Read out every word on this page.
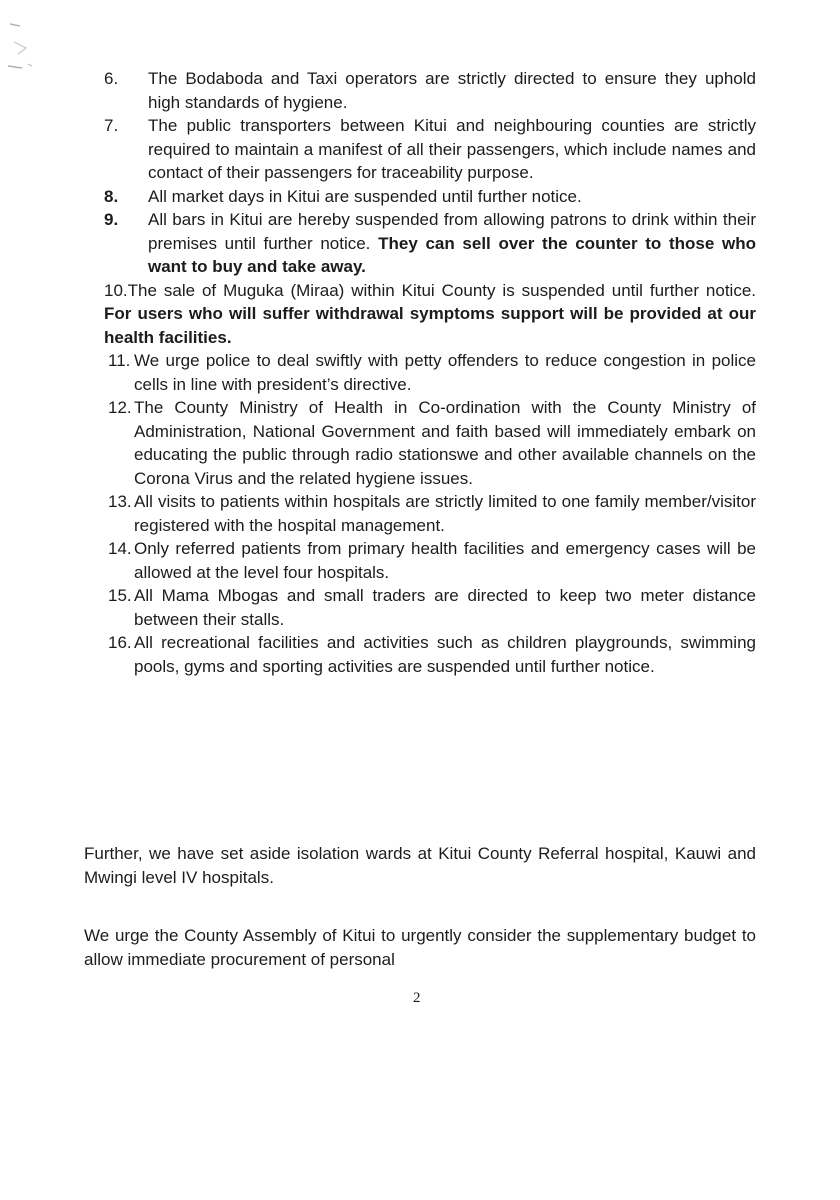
6.	The Bodaboda and Taxi operators are strictly directed to ensure they uphold high standards of hygiene.
7.	The public transporters between Kitui and neighbouring counties are strictly required to maintain a manifest of all their passengers, which include names and contact of their passengers for traceability purpose.
8.	All market days in Kitui are suspended until further notice.
9.	All bars in Kitui are hereby suspended from allowing patrons to drink within their premises until further notice. They can sell over the counter to those who want to buy and take away.
10.The sale of Muguka (Miraa) within Kitui County is suspended until further notice. For users who will suffer withdrawal symptoms support will be provided at our health facilities.
11. We urge police to deal swiftly with petty offenders to reduce congestion in police cells in line with president’s directive.
12. The County Ministry of Health in Co-ordination with the County Ministry of Administration, National Government and faith based will immediately embark on educating the public through radio stationswe and other available channels on the Corona Virus and the related hygiene issues.
13. All visits to patients within hospitals are strictly limited to one family member/visitor registered with the hospital management.
14. Only referred patients from primary health facilities and emergency cases will be allowed at the level four hospitals.
15. All Mama Mbogas and small traders are directed to keep two meter distance between their stalls.
16. All recreational facilities and activities such as children playgrounds, swimming pools, gyms and sporting activities are suspended until further notice.
Further, we have set aside isolation wards at Kitui County Referral hospital, Kauwi and Mwingi level IV hospitals.
We urge the County Assembly of Kitui to urgently consider the supplementary budget to allow immediate procurement of personal
2
